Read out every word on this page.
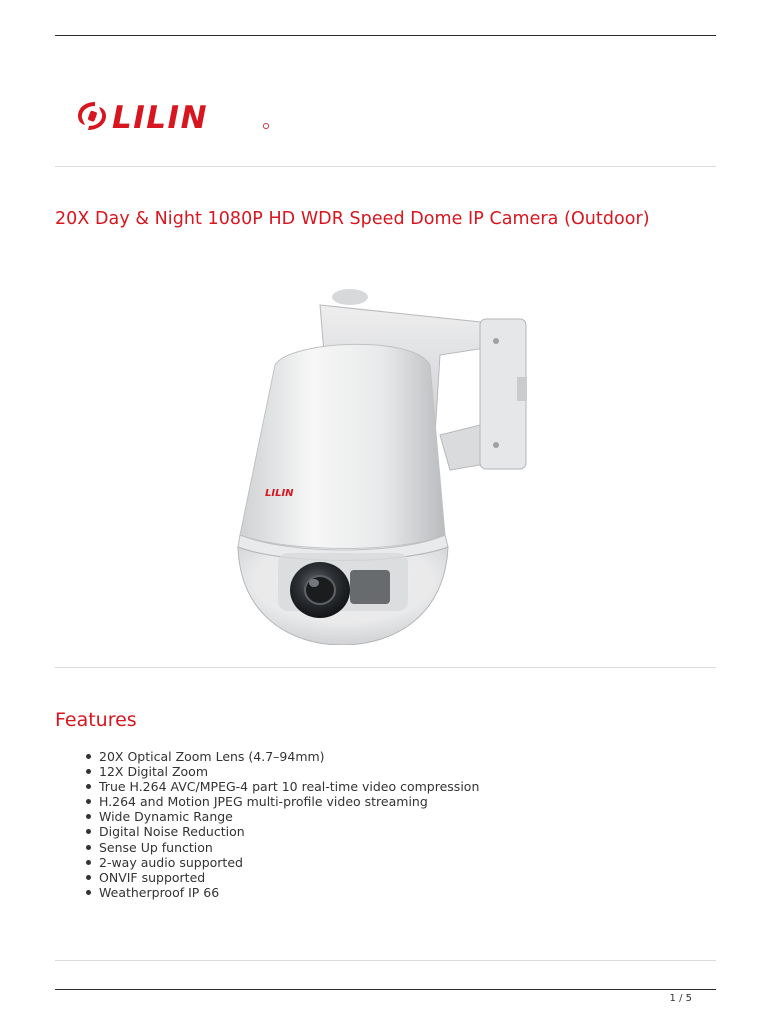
LILIN
20X Day & Night 1080P HD WDR Speed Dome IP Camera (Outdoor)
LILIN
Features
20X Optical Zoom Lens (4.7–94mm)
12X Digital Zoom
True H.264 AVC/MPEG-4 part 10 real-time video compression
H.264 and Motion JPEG multi-profile video streaming
Wide Dynamic Range
Digital Noise Reduction
Sense Up function
2-way audio supported
ONVIF supported
Weatherproof IP 66
1 / 5
